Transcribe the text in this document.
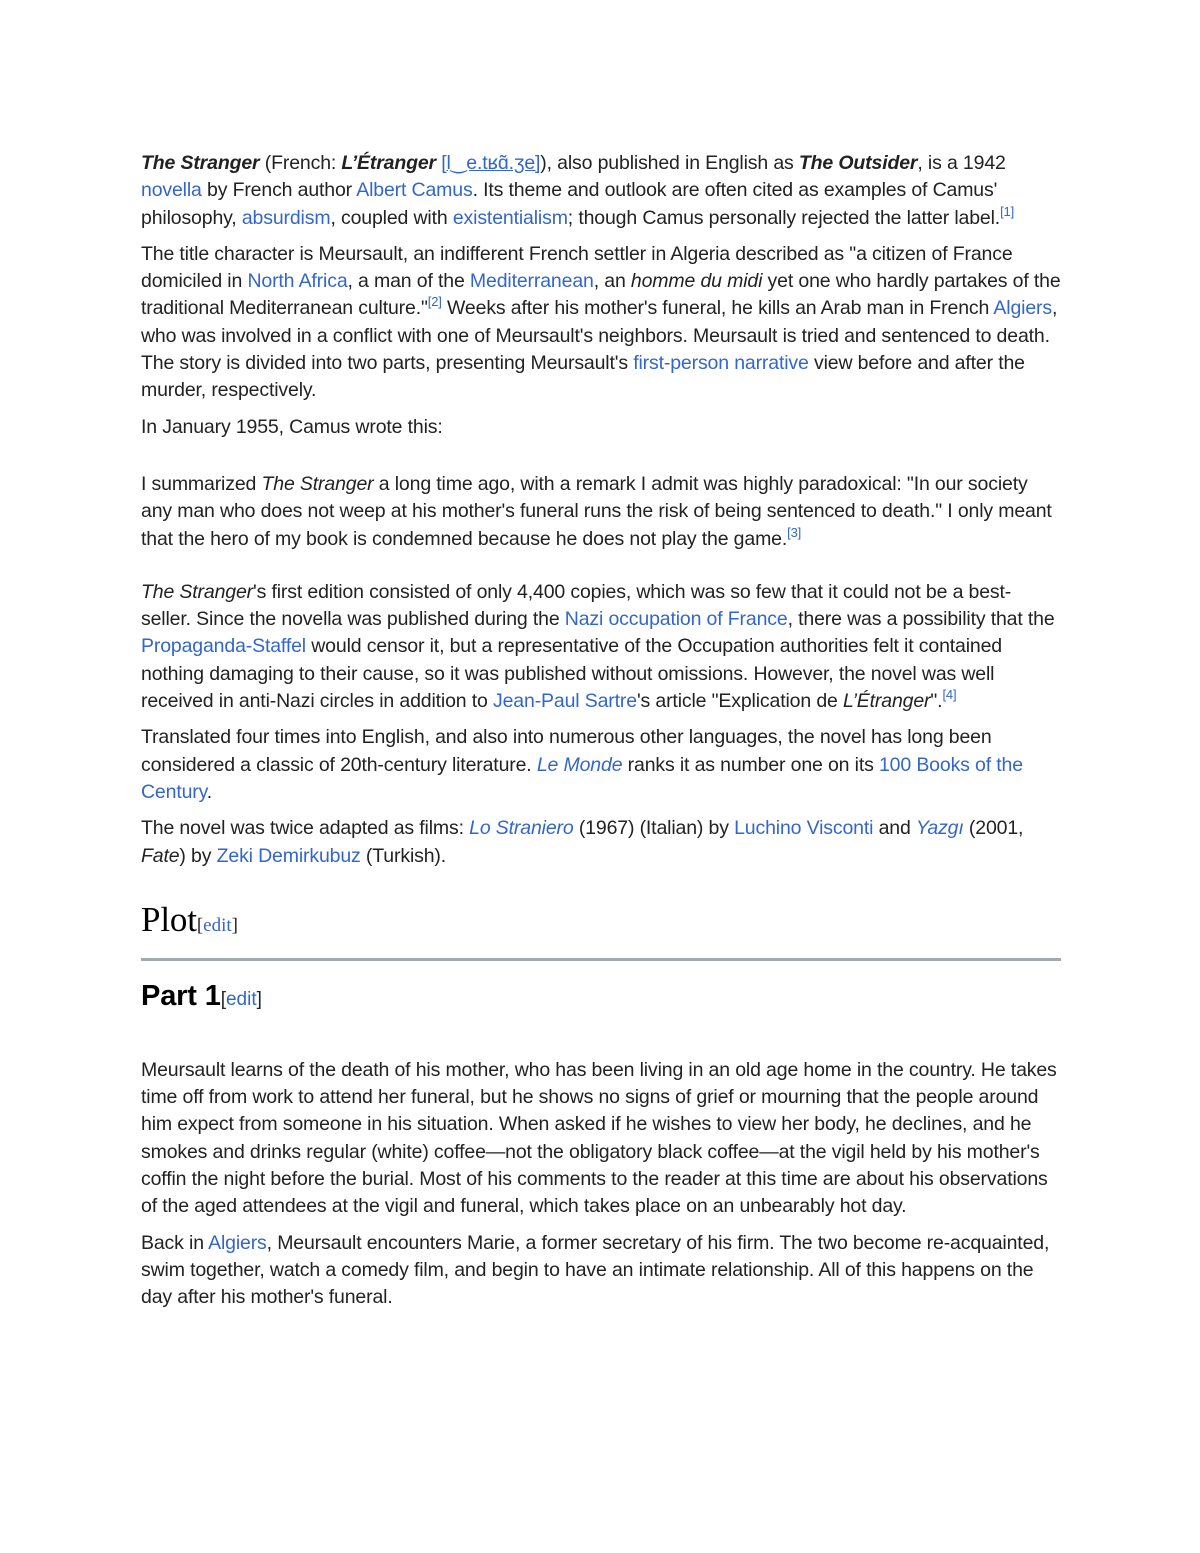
The Stranger (French: L’Étranger [l‿e.tʁɑ̃.ʒe]), also published in English as The Outsider, is a 1942 novella by French author Albert Camus. Its theme and outlook are often cited as examples of Camus' philosophy, absurdism, coupled with existentialism; though Camus personally rejected the latter label.[1]

The title character is Meursault, an indifferent French settler in Algeria described as "a citizen of France domiciled in North Africa, a man of the Mediterranean, an homme du midi yet one who hardly partakes of the traditional Mediterranean culture."[2] Weeks after his mother's funeral, he kills an Arab man in French Algiers, who was involved in a conflict with one of Meursault's neighbors. Meursault is tried and sentenced to death. The story is divided into two parts, presenting Meursault's first-person narrative view before and after the murder, respectively.

In January 1955, Camus wrote this:

I summarized The Stranger a long time ago, with a remark I admit was highly paradoxical: "In our society any man who does not weep at his mother's funeral runs the risk of being sentenced to death." I only meant that the hero of my book is condemned because he does not play the game.[3]

The Stranger's first edition consisted of only 4,400 copies, which was so few that it could not be a best-seller. Since the novella was published during the Nazi occupation of France, there was a possibility that the Propaganda-Staffel would censor it, but a representative of the Occupation authorities felt it contained nothing damaging to their cause, so it was published without omissions. However, the novel was well received in anti-Nazi circles in addition to Jean-Paul Sartre's article "Explication de L’Étranger".[4]

Translated four times into English, and also into numerous other languages, the novel has long been considered a classic of 20th-century literature. Le Monde ranks it as number one on its 100 Books of the Century.

The novel was twice adapted as films: Lo Straniero (1967) (Italian) by Luchino Visconti and Yazgı (2001, Fate) by Zeki Demirkubuz (Turkish).

Plot[edit]
Part 1[edit]

Meursault learns of the death of his mother, who has been living in an old age home in the country. He takes time off from work to attend her funeral, but he shows no signs of grief or mourning that the people around him expect from someone in his situation. When asked if he wishes to view her body, he declines, and he smokes and drinks regular (white) coffee—not the obligatory black coffee—at the vigil held by his mother's coffin the night before the burial. Most of his comments to the reader at this time are about his observations of the aged attendees at the vigil and funeral, which takes place on an unbearably hot day.

Back in Algiers, Meursault encounters Marie, a former secretary of his firm. The two become re-acquainted, swim together, watch a comedy film, and begin to have an intimate relationship. All of this happens on the day after his mother's funeral.
